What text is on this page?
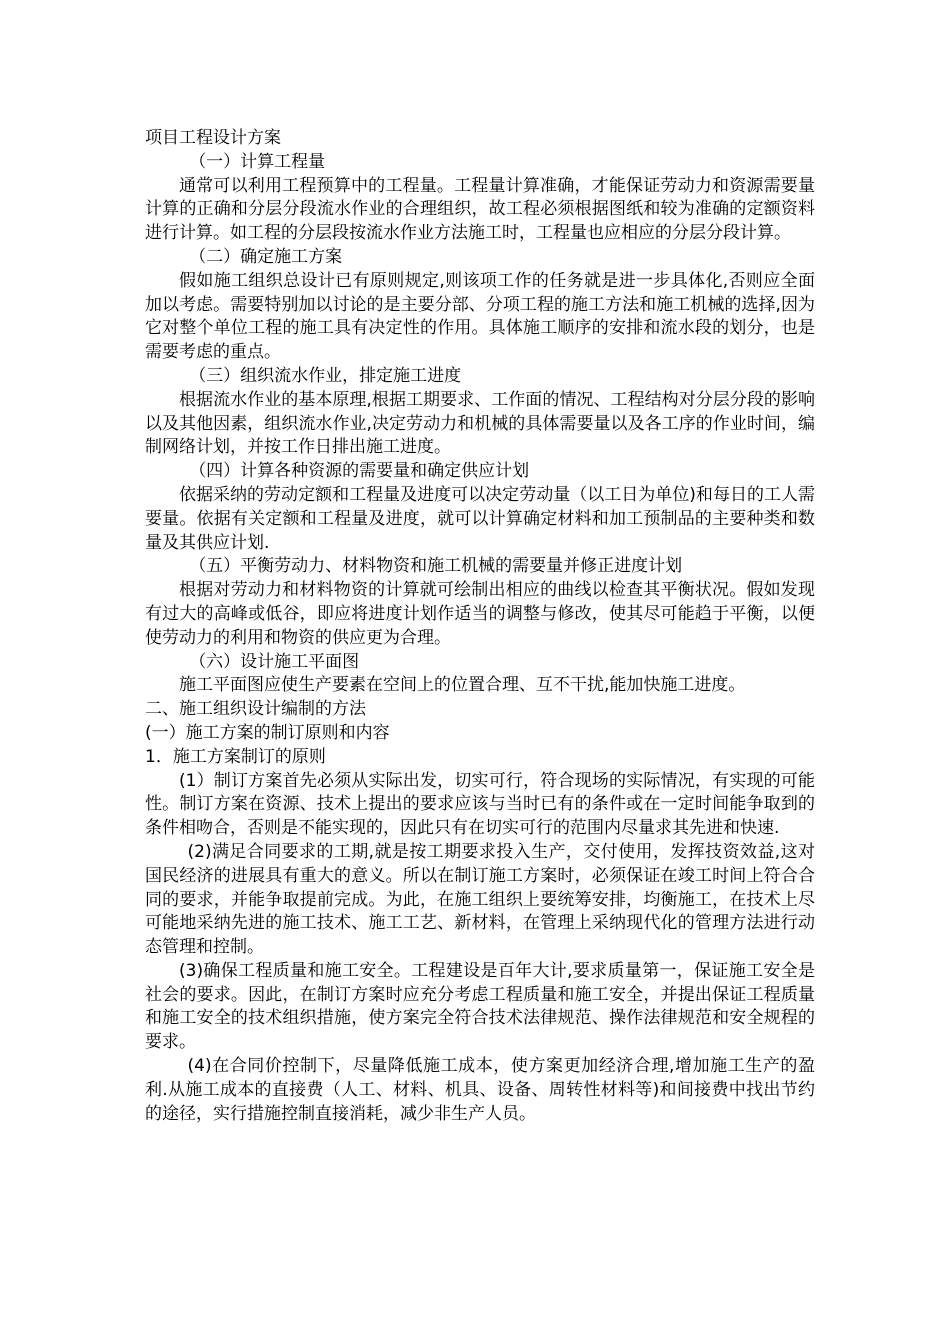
项目工程设计方案

（一）计算工程量

通常可以利用工程预算中的工程量。工程量计算准确，才能保证劳动力和资源需要量计算的正确和分层分段流水作业的合理组织，故工程必须根据图纸和较为准确的定额资料进行计算。如工程的分层段按流水作业方法施工时，工程量也应相应的分层分段计算。

（二）确定施工方案

假如施工组织总设计已有原则规定,则该项工作的任务就是进一步具体化,否则应全面加以考虑。需要特别加以讨论的是主要分部、分项工程的施工方法和施工机械的选择,因为它对整个单位工程的施工具有决定性的作用。具体施工顺序的安排和流水段的划分，也是需要考虑的重点。

（三）组织流水作业，排定施工进度

根据流水作业的基本原理,根据工期要求、工作面的情况、工程结构对分层分段的影响以及其他因素，组织流水作业,决定劳动力和机械的具体需要量以及各工序的作业时间，编制网络计划，并按工作日排出施工进度。

（四）计算各种资源的需要量和确定供应计划

依据采纳的劳动定额和工程量及进度可以决定劳动量（以工日为单位)和每日的工人需要量。依据有关定额和工程量及进度，就可以计算确定材料和加工预制品的主要种类和数量及其供应计划.

（五）平衡劳动力、材料物资和施工机械的需要量并修正进度计划

根据对劳动力和材料物资的计算就可绘制出相应的曲线以检查其平衡状况。假如发现有过大的高峰或低谷，即应将进度计划作适当的调整与修改，使其尽可能趋于平衡，以便使劳动力的利用和物资的供应更为合理。

（六）设计施工平面图

施工平面图应使生产要素在空间上的位置合理、互不干扰,能加快施工进度。

二、施工组织设计编制的方法

(一）施工方案的制订原则和内容

1．施工方案制订的原则

(1）制订方案首先必须从实际出发，切实可行，符合现场的实际情况，有实现的可能性。制订方案在资源、技术上提出的要求应该与当时已有的条件或在一定时间能争取到的条件相吻合，否则是不能实现的，因此只有在切实可行的范围内尽量求其先进和快速.

(2)满足合同要求的工期,就是按工期要求投入生产，交付使用，发挥技资效益,这对国民经济的进展具有重大的意义。所以在制订施工方案时，必须保证在竣工时间上符合合同的要求，并能争取提前完成。为此，在施工组织上要统筹安排，均衡施工，在技术上尽可能地采纳先进的施工技术、施工工艺、新材料，在管理上采纳现代化的管理方法进行动态管理和控制。

(3)确保工程质量和施工安全。工程建设是百年大计,要求质量第一，保证施工安全是社会的要求。因此，在制订方案时应充分考虑工程质量和施工安全，并提出保证工程质量和施工安全的技术组织措施，使方案完全符合技术法律规范、操作法律规范和安全规程的要求。

(4)在合同价控制下，尽量降低施工成本，使方案更加经济合理,增加施工生产的盈利.从施工成本的直接费（人工、材料、机具、设备、周转性材料等)和间接费中找出节约的途径，实行措施控制直接消耗，减少非生产人员。
